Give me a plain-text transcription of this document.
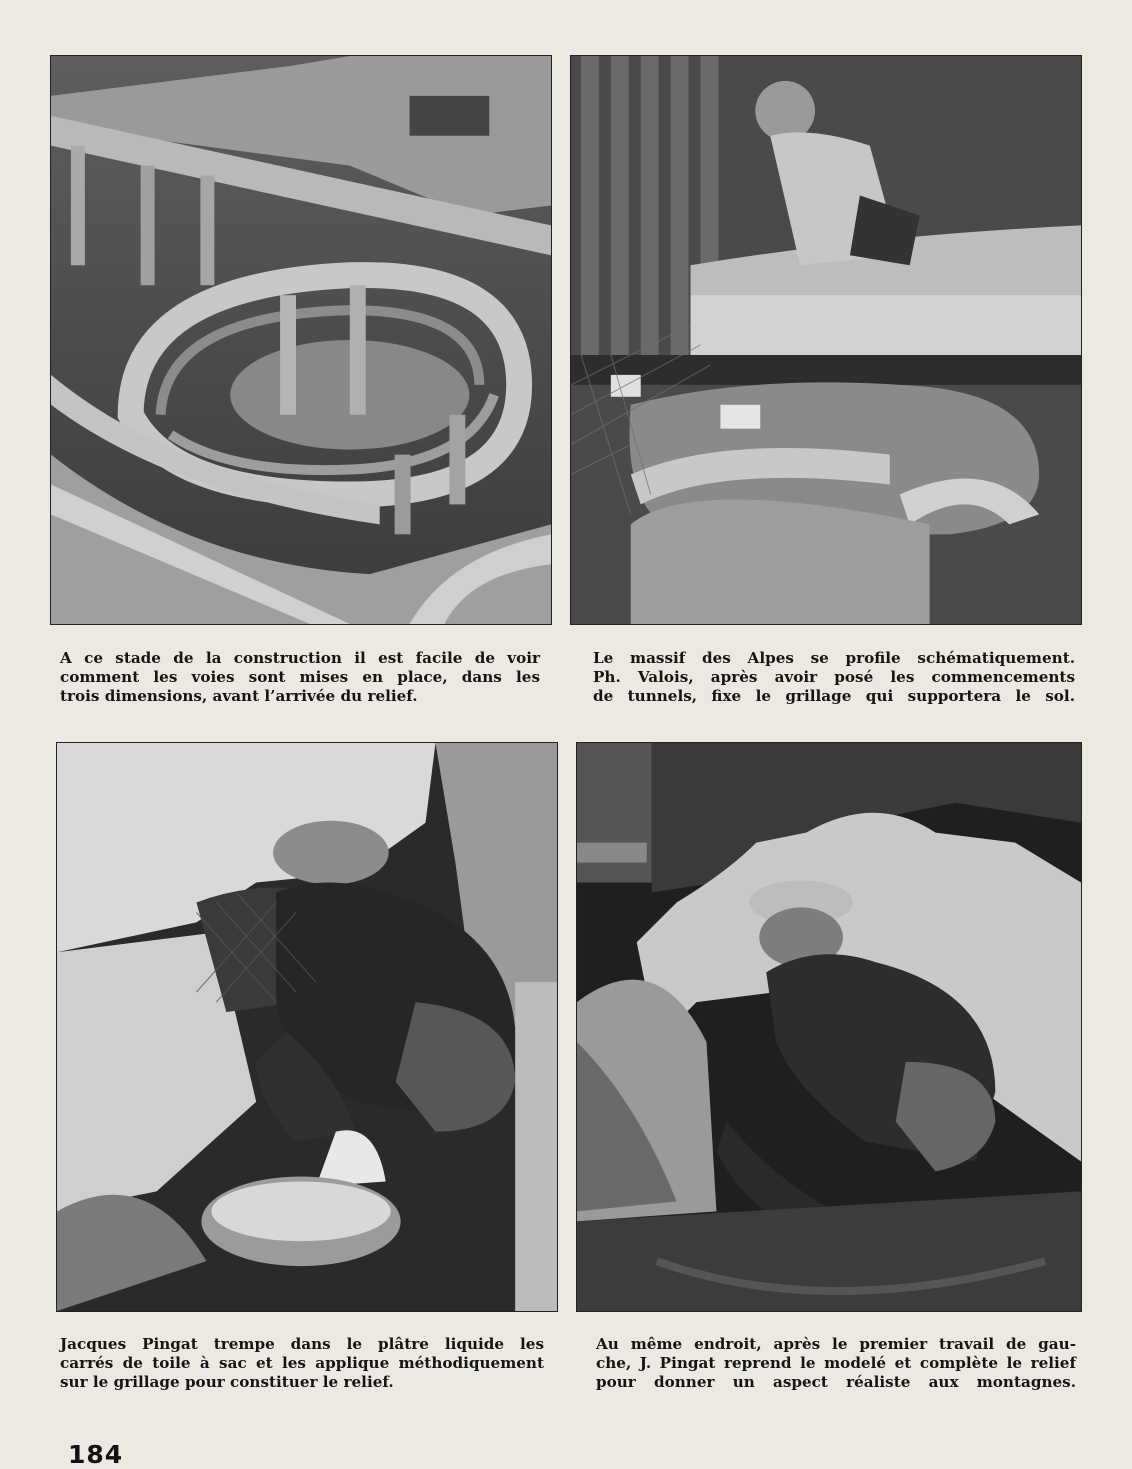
A ce stade de la construction il est facile de voir
comment les voies sont mises en place, dans les
trois dimensions, avant l’arrivée du relief.
Le massif des Alpes se profile schématiquement.
Ph. Valois, après avoir posé les commencements
de tunnels, fixe le grillage qui supportera le sol.
Jacques Pingat trempe dans le plâtre liquide les
carrés de toile à sac et les applique méthodiquement
sur le grillage pour constituer le relief.
Au même endroit, après le premier travail de gau-
che, J. Pingat reprend le modelé et complète le relief
pour donner un aspect réaliste aux montagnes.
184
